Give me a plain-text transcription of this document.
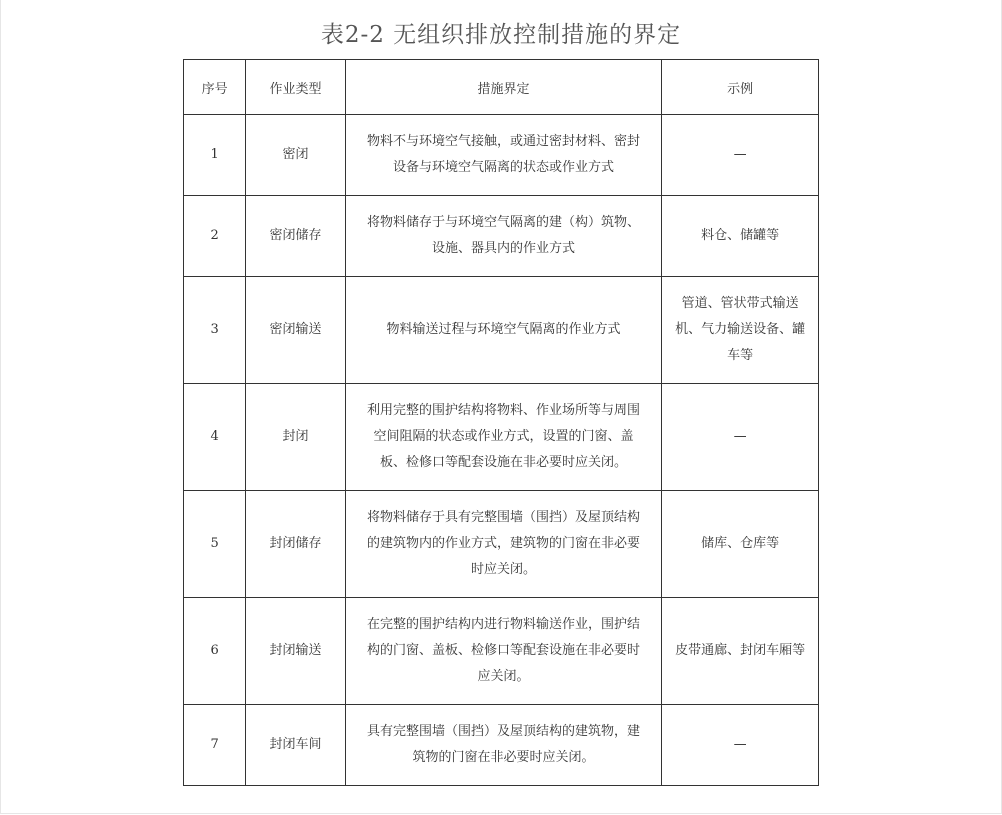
表2-2 无组织排放控制措施的界定
序号	作业类型	措施界定	示例

1	密闭	物料不与环境空气接触，或通过密封材料、密封
设备与环境空气隔离的状态或作业方式	—

2	密闭储存	将物料储存于与环境空气隔离的建（构）筑物、
设施、器具内的作业方式	料仓、储罐等

3	密闭输送	物料输送过程与环境空气隔离的作业方式	管道、管状带式输送
机、气力输送设备、罐
车等

4	封闭	利用完整的围护结构将物料、作业场所等与周围
空间阻隔的状态或作业方式，设置的门窗、盖
板、检修口等配套设施在非必要时应关闭。	—

5	封闭储存	将物料储存于具有完整围墙（围挡）及屋顶结构
的建筑物内的作业方式，建筑物的门窗在非必要
时应关闭。	储库、仓库等

6	封闭输送	在完整的围护结构内进行物料输送作业，围护结
构的门窗、盖板、检修口等配套设施在非必要时
应关闭。	皮带通廊、封闭车厢等

7	封闭车间	具有完整围墙（围挡）及屋顶结构的建筑物，建
筑物的门窗在非必要时应关闭。	—
